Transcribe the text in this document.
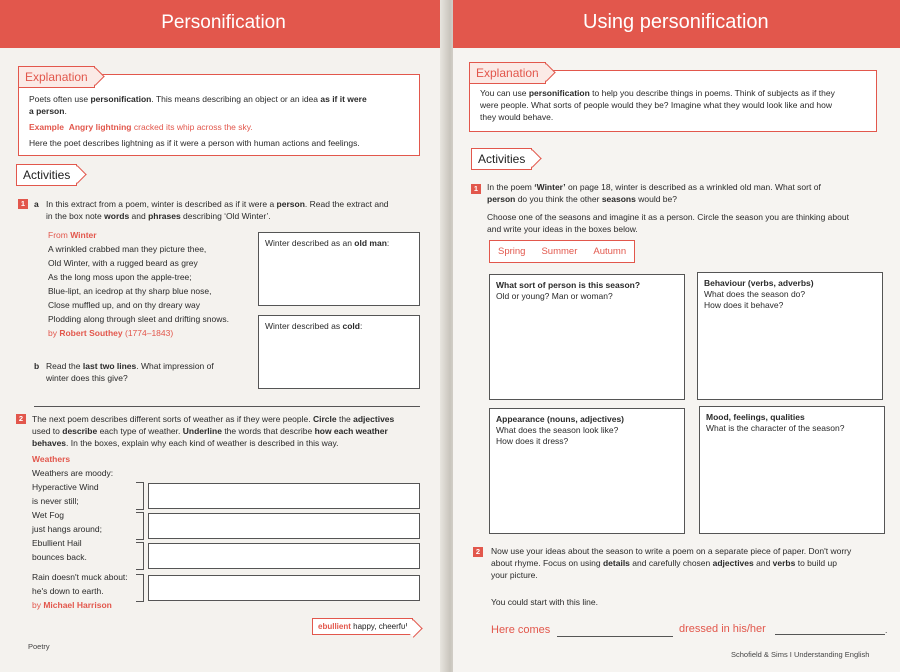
Personification
Poets often use personification. This means describing an object or an idea as if it were
a person.
Example Angry lightning cracked its whip across the sky.
Here the poet describes lightning as if it were a person with human actions and feelings.
Explanation
Activities
1	a In this extract from a poem, winter is described as if it were a person. Read the extract and
in the box note words and phrases describing ‘Old Winter’.
From Winter
A wrinkled crabbed man they picture thee,
Old Winter, with a rugged beard as grey
As the long moss upon the apple-tree;
Blue-lipt, an icedrop at thy sharp blue nose,
Close muffled up, and on thy dreary way
Plodding along through sleet and drifting snows.
by Robert Southey (1774–1843)
Winter described as an old man:
Winter described as cold:
b Read the last two lines. What impression of
winter does this give?
2	The next poem describes different sorts of weather as if they were people. Circle the adjectives
used to describe each type of weather. Underline the words that describe how each weather
behaves. In the boxes, explain why each kind of weather is described in this way.
Weathers
Weathers are moody:
Hyperactive Wind
is never still;
Wet Fog
just hangs around;
Ebullient Hail
bounces back.
Rain doesn't muck about:
he's down to earth.
by Michael Harrison
ebullient happy, cheerful
Poetry
Using personification
You can use personification to help you describe things in poems. Think of subjects as if they
were people. What sorts of people would they be? Imagine what they would look like and how
they would behave.
Explanation
Activities
1	In the poem ‘Winter’ on page 18, winter is described as a wrinkled old man. What sort of
person do you think the other seasons would be?
Choose one of the seasons and imagine it as a person. Circle the season you are thinking about
and write your ideas in the boxes below.
Spring Summer Autumn
What sort of person is this season?
Old or young? Man or woman?
Behaviour (verbs, adverbs)
What does the season do?
How does it behave?
Appearance (nouns, adjectives)
What does the season look like?
How does it dress?
Mood, feelings, qualities
What is the character of the season?
2	Now use your ideas about the season to write a poem on a separate piece of paper. Don't worry
about rhyme. Focus on using details and carefully chosen adjectives and verbs to build up
your picture.
You could start with this line.
Here comes	dressed in his/her	.
Schofield & Sims I Understanding English
